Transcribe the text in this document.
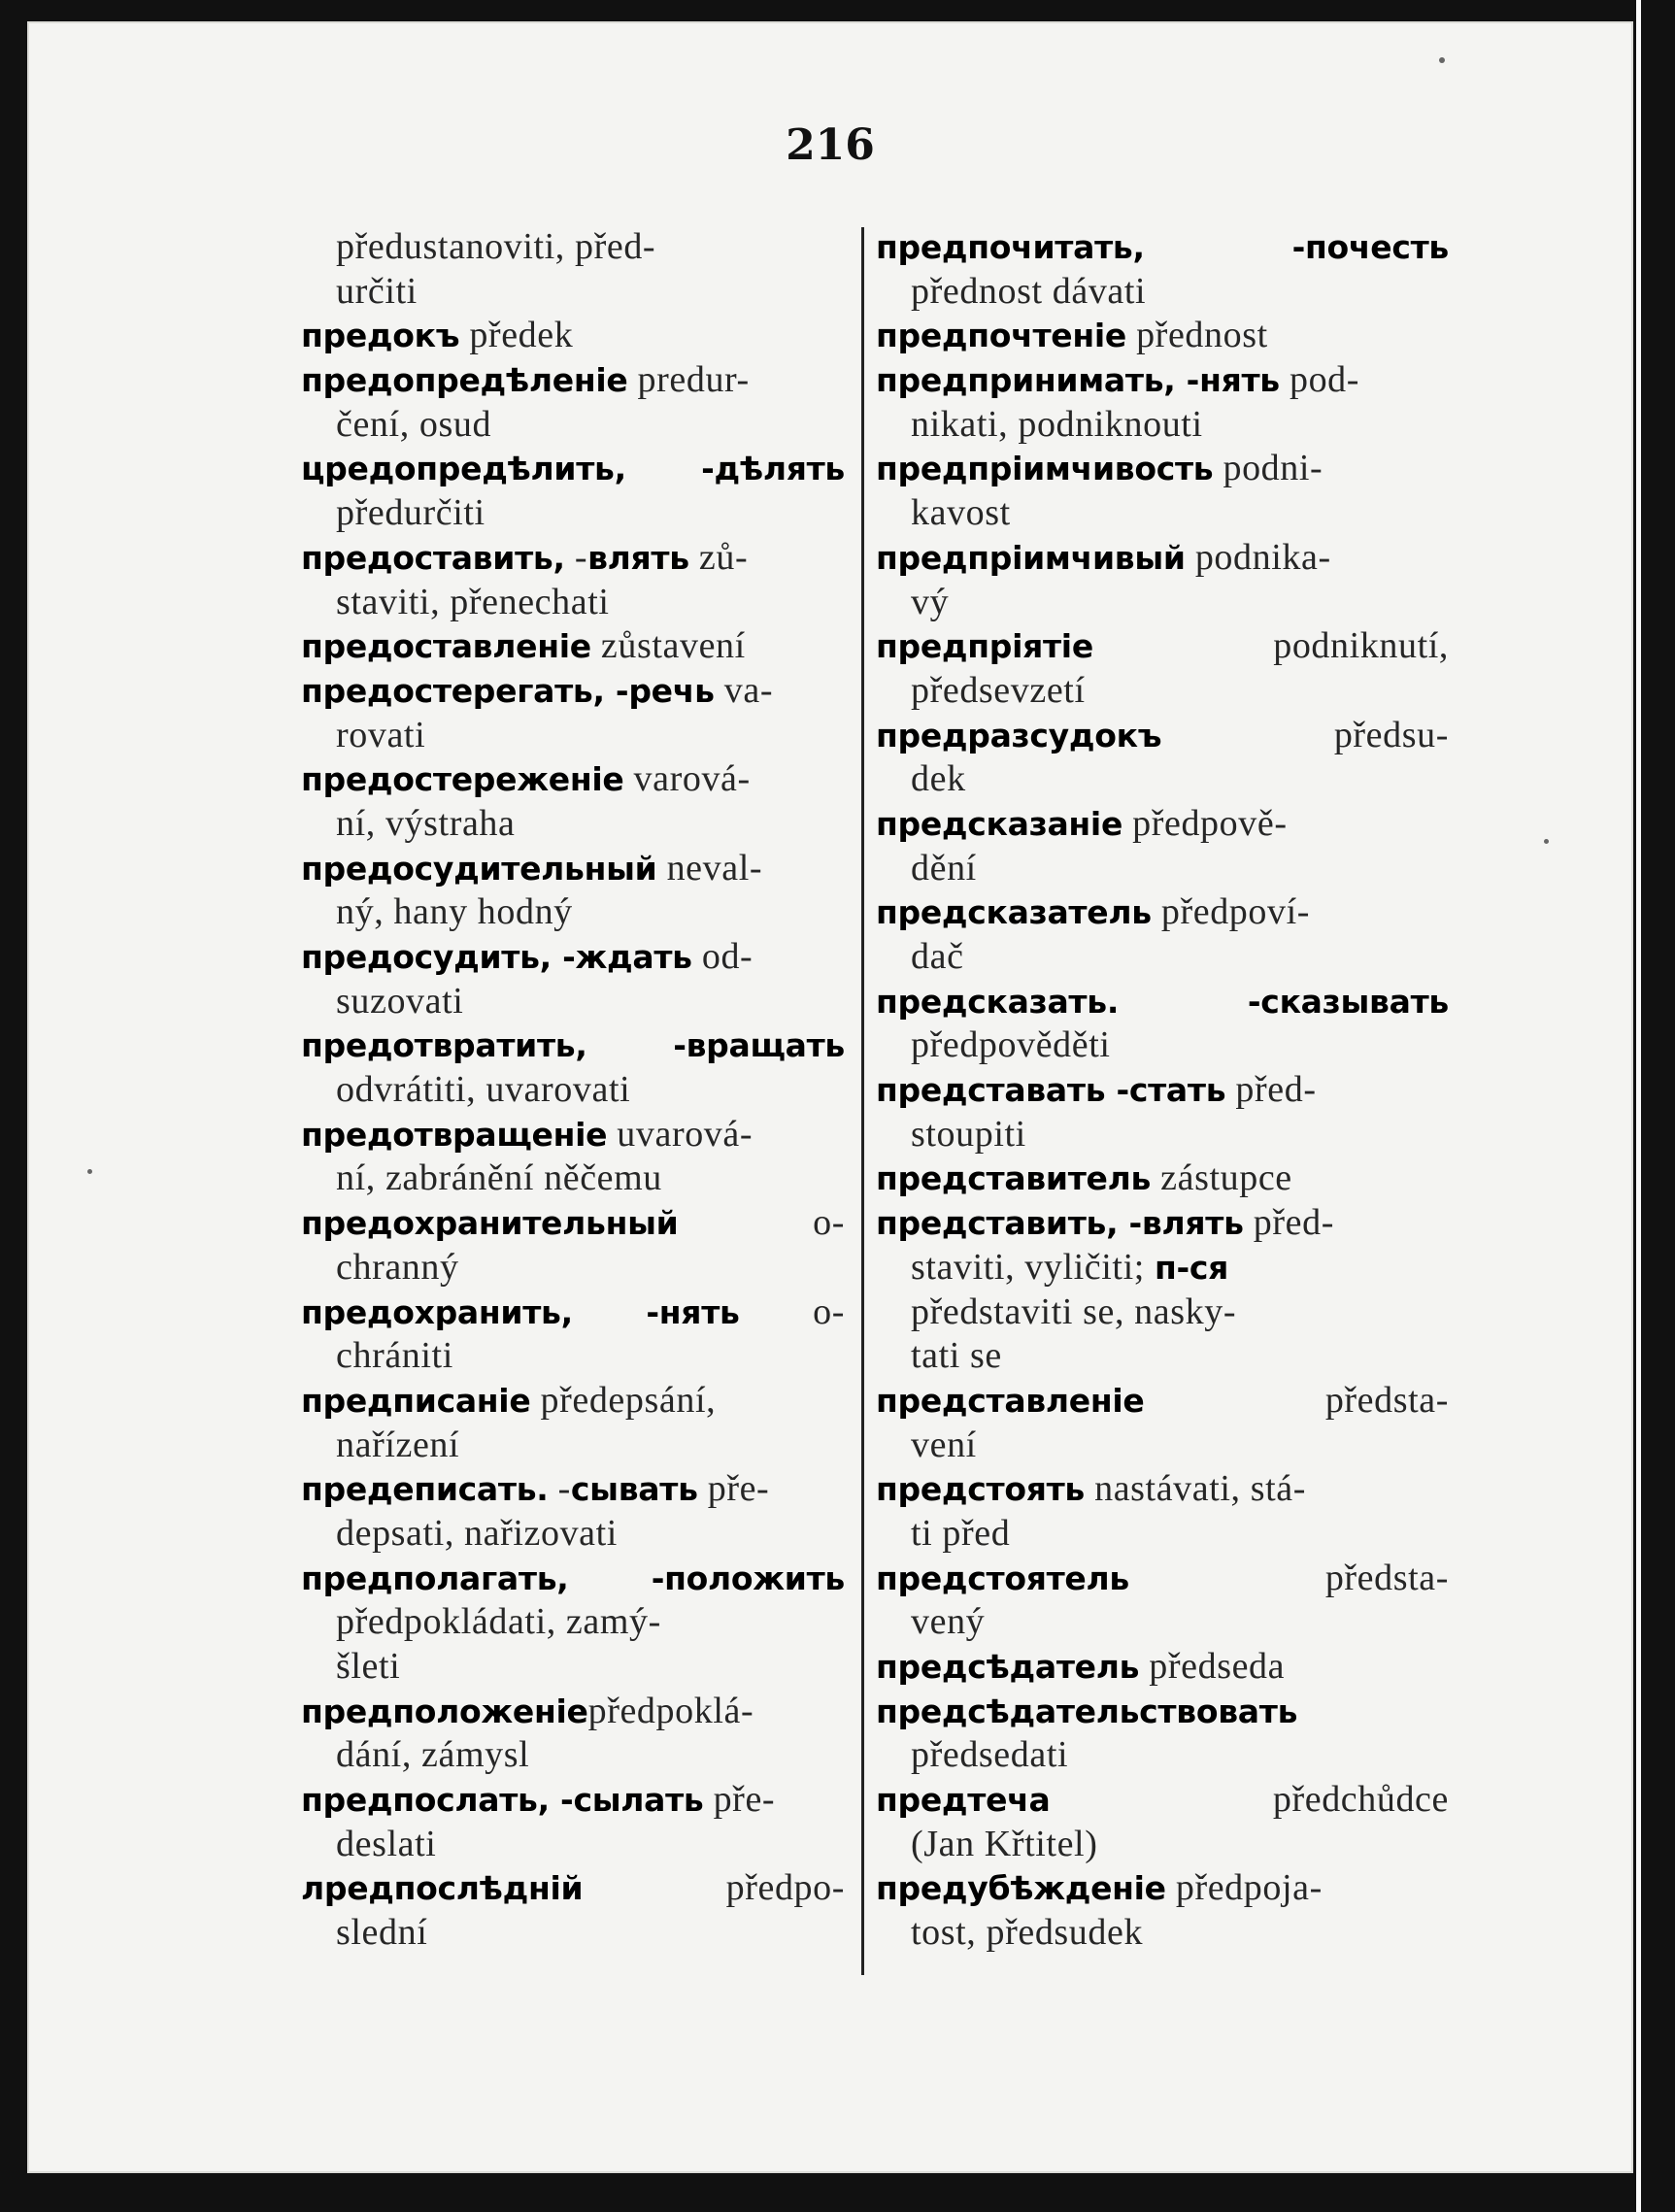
216
předustanoviti, před-
určiti
предокъ předek
предопредѣленіе predur-
čení, osud
цредопредѣлить, -дѣлять
předurčiti
предоставить, -влять zů-
staviti, přenechati
предоставленіе zůstavení
предостерегать, -речь va-
rovati
предостереженіе varová-
ní, výstraha
предосудительный neval-
ný, hany hodný
предосудить, -ждать od-
suzovati
предотвратить,	-вращать
odvrátiti, uvarovati
предотвращеніе uvarová-
ní, zabránění něčemu
предохранительный	o-
chranný
предохранить, -нять o-
chrániti
предписаніе předepsání,
nařízení
предеписать. -сывать pře-
depsati, nařizovati
предполагать,	-положить
předpokládati, zamý-
šleti
предположеніеpředpoklá-
dání, zámysl
предпослать, -сылать pře-
deslati
лредпослѣдній	předpo-
slední
предпочитать,	-почесть
přednost dávati
предпочтеніе přednost
предпринимать, -нять pod-
nikati, podniknouti
предпріимчивость podni-
kavost
предпріимчивый podnika-
vý
предпріятіе	podniknutí,
předsevzetí
предразсудокъ	předsu-
dek
предсказаніе předpově-
dění
предсказатель předpoví-
dač
предсказать.	-сказывать
předpověděti
представать -стать před-
stoupiti
представитель zástupce
представить, -влять před-
staviti, vyličiti; п-ся
představiti se, nasky-
tati se
представленіе	předsta-
vení
предстоять nastávati, stá-
ti před
предстоятель	předsta-
vený
предсѣдатель předseda
предсѣдательствовать
předsedati
предтеча	předchůdce
(Jan Křtitel)
предубѣжденіе předpoja-
tost, předsudek
